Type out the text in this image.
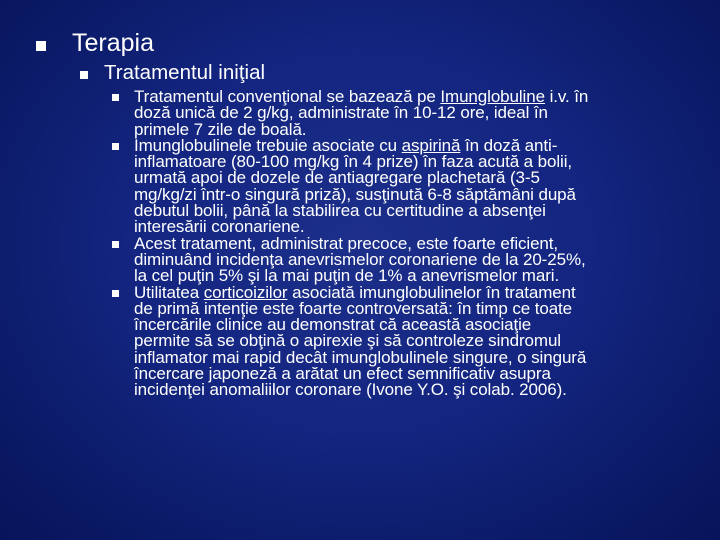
Terapia
Tratamentul iniţial
Tratamentul convenţional se bazează pe Imunglobuline i.v. în
doză unică de 2 g/kg, administrate în 10-12 ore, ideal în
primele 7 zile de boală.
Imunglobulinele trebuie asociate cu aspirină în doză anti-
inflamatoare (80-100 mg/kg în 4 prize) în faza acută a bolii,
urmată apoi de dozele de antiagregare plachetară (3-5
mg/kg/zi într-o singură priză), susţinută 6-8 săptămâni după
debutul bolii, până la stabilirea cu certitudine a absenţei
interesării coronariene.
Acest tratament, administrat precoce, este foarte eficient,
diminuând incidenţa anevrismelor coronariene de la 20-25%,
la cel puţin 5% şi la mai puţin de 1% a anevrismelor mari.
Utilitatea corticoizilor asociată imunglobulinelor în tratament
de primă intenţie este foarte controversată: în timp ce toate
încercările clinice au demonstrat că această asociaţie
permite să se obţină o apirexie şi să controleze sindromul
inflamator mai rapid decât imunglobulinele singure, o singură
încercare japoneză a arătat un efect semnificativ asupra
incidenţei anomaliilor coronare (Ivone Y.O. şi colab. 2006).
